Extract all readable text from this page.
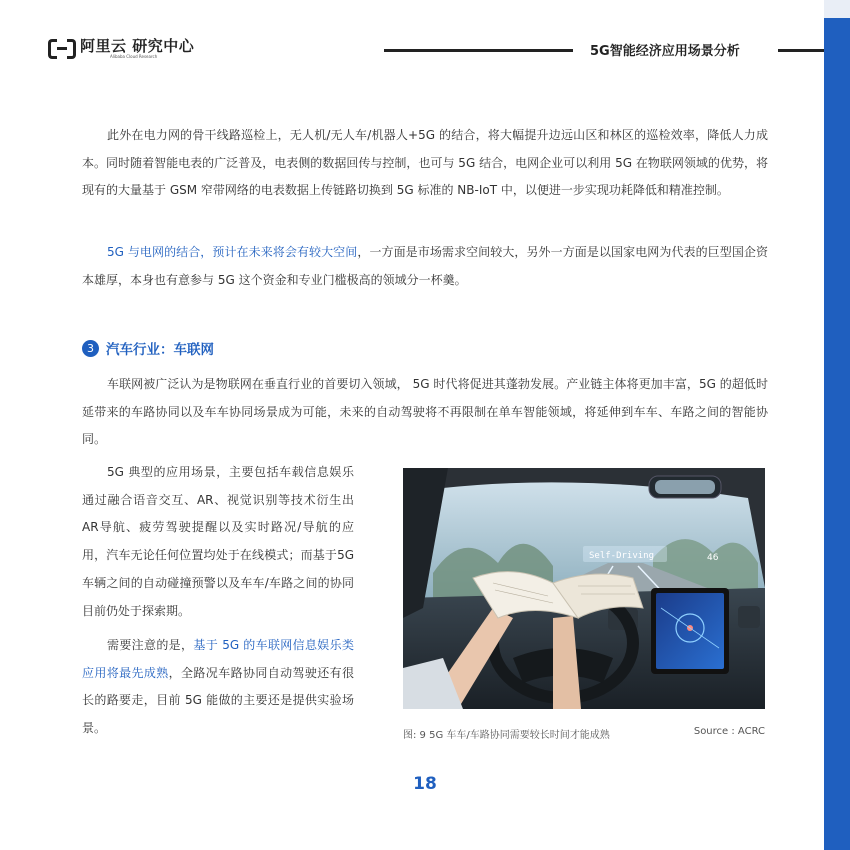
阿里云 研究中心
Alibaba Cloud Research	5G智能经济应用场景分析

此外在电力网的骨干线路巡检上，无人机/无人车/机器人+5G 的结合，将大幅提升边远山区和林区的巡检效率，降低人力成本。同时随着智能电表的广泛普及，电表侧的数据回传与控制，也可与 5G 结合，电网企业可以利用 5G 在物联网领域的优势，将现有的大量基于 GSM 窄带网络的电表数据上传链路切换到 5G 标准的 NB-IoT 中，以便进一步实现功耗降低和精准控制。

5G 与电网的结合，预计在未来将会有较大空间，一方面是市场需求空间较大，另外一方面是以国家电网为代表的巨型国企资本雄厚，本身也有意参与 5G 这个资金和专业门槛极高的领域分一杯羹。

3 汽车行业：车联网

车联网被广泛认为是物联网在垂直行业的首要切入领域， 5G 时代将促进其蓬勃发展。产业链主体将更加丰富，5G 的超低时延带来的车路协同以及车车协同场景成为可能，未来的自动驾驶将不再限制在单车智能领域，将延伸到车车、车路之间的智能协同。

5G 典型的应用场景，主要包括车载信息娱乐通过融合语音交互、AR、视觉识别等技术衍生出AR导航、疲劳驾驶提醒以及实时路况/导航的应用，汽车无论任何位置均处于在线模式；而基于5G车辆之间的自动碰撞预警以及车车/车路之间的协同目前仍处于探索期。

需要注意的是，基于 5G 的车联网信息娱乐类应用将最先成熟，全路况车路协同自动驾驶还有很长的路要走，目前 5G 能做的主要还是提供实验场景。

Self-Driving	46
图: 9 5G 车车/车路协同需要较长时间才能成熟	Source : ACRC
18
